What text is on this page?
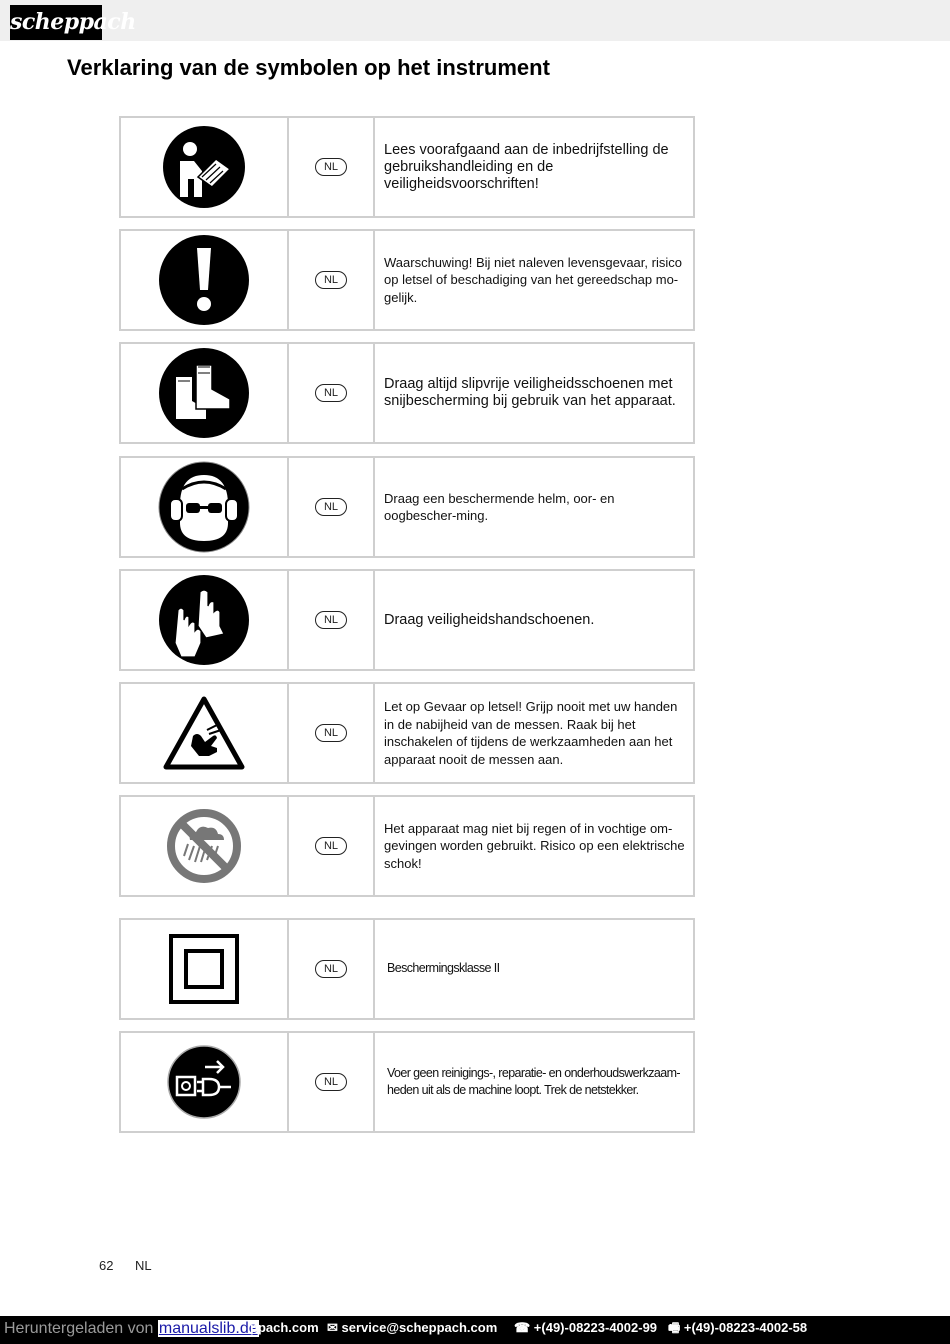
scheppach
Verklaring van de symbolen op het instrument
NL
Lees voorafgaand aan de inbedrijfstelling de gebruikshandleiding en de veiligheidsvoorschriften!
NL
Waarschuwing! Bij niet naleven levensgevaar, risico op letsel of beschadiging van het gereedschap mo-gelijk.
NL
Draag altijd slipvrije veiligheidsschoenen met snijbescherming bij gebruik van het apparaat.
NL
Draag een beschermende helm, oor- en oogbescher-ming.
NL	Draag veiligheidshandschoenen.
NL
Let op Gevaar op letsel! Grijp nooit met uw handen in de nabijheid van de messen. Raak bij het inschakelen of tijdens de werkzaamheden aan het apparaat nooit de messen aan.
NL
Het apparaat mag niet bij regen of in vochtige om-gevingen worden gebruikt. Risico op een elektrische schok!
NL	Beschermingsklasse II
NL
Voer geen reinigings-, reparatie- en onderhoudswerkzaam-heden uit als de machine loopt. Trek de netstekker.
62 NL
Heruntergeladen von manualslib.de
ppach.com ✉ service@scheppach.com ☎ +(49)-08223-4002-99 🖷 +(49)-08223-4002-58
